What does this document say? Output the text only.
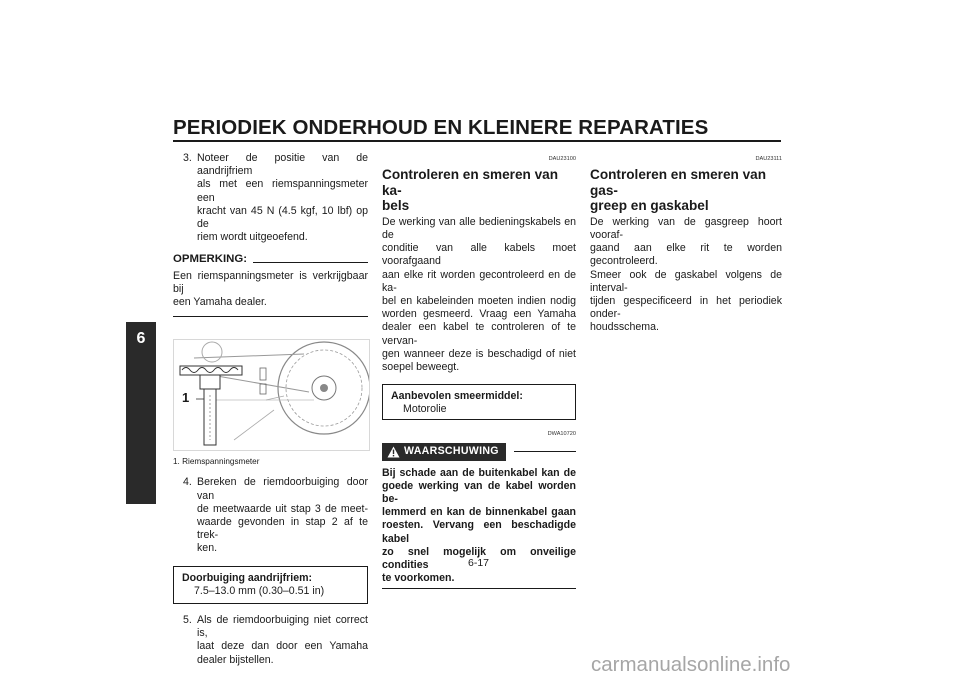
PERIODIEK ONDERHOUD EN KLEINERE REPARATIES
6
3. Noteer de positie van de aandrijfriem
als met een riemspanningsmeter een
kracht van 45 N (4.5 kgf, 10 lbf) op de
riem wordt uitgeoefend.
OPMERKING:
Een riemspanningsmeter is verkrijgbaar bij
een Yamaha dealer.
1
1. Riemspanningsmeter
4. Bereken de riemdoorbuiging door van
de meetwaarde uit stap 3 de meet-
waarde gevonden in stap 2 af te trek-
ken.
Doorbuiging aandrijfriem:
7.5–13.0 mm (0.30–0.51 in)
5. Als de riemdoorbuiging niet correct is,
laat deze dan door een Yamaha
dealer bijstellen.
DAU23100
Controleren en smeren van ka-
bels
De werking van alle bedieningskabels en de
conditie van alle kabels moet voorafgaand
aan elke rit worden gecontroleerd en de ka-
bel en kabeleinden moeten indien nodig
worden gesmeerd. Vraag een Yamaha
dealer een kabel te controleren of te vervan-
gen wanneer deze is beschadigd of niet
soepel beweegt.
Aanbevolen smeermiddel:
Motorolie
DWA10720
WAARSCHUWING
Bij schade aan de buitenkabel kan de
goede werking van de kabel worden be-
lemmerd en kan de binnenkabel gaan
roesten. Vervang een beschadigde kabel
zo snel mogelijk om onveilige condities
te voorkomen.
DAU23111
Controleren en smeren van gas-
greep en gaskabel
De werking van de gasgreep hoort vooraf-
gaand aan elke rit te worden gecontroleerd.
Smeer ook de gaskabel volgens de interval-
tijden gespecificeerd in het periodiek onder-
houdsschema.
6-17
carmanualsonline.info
